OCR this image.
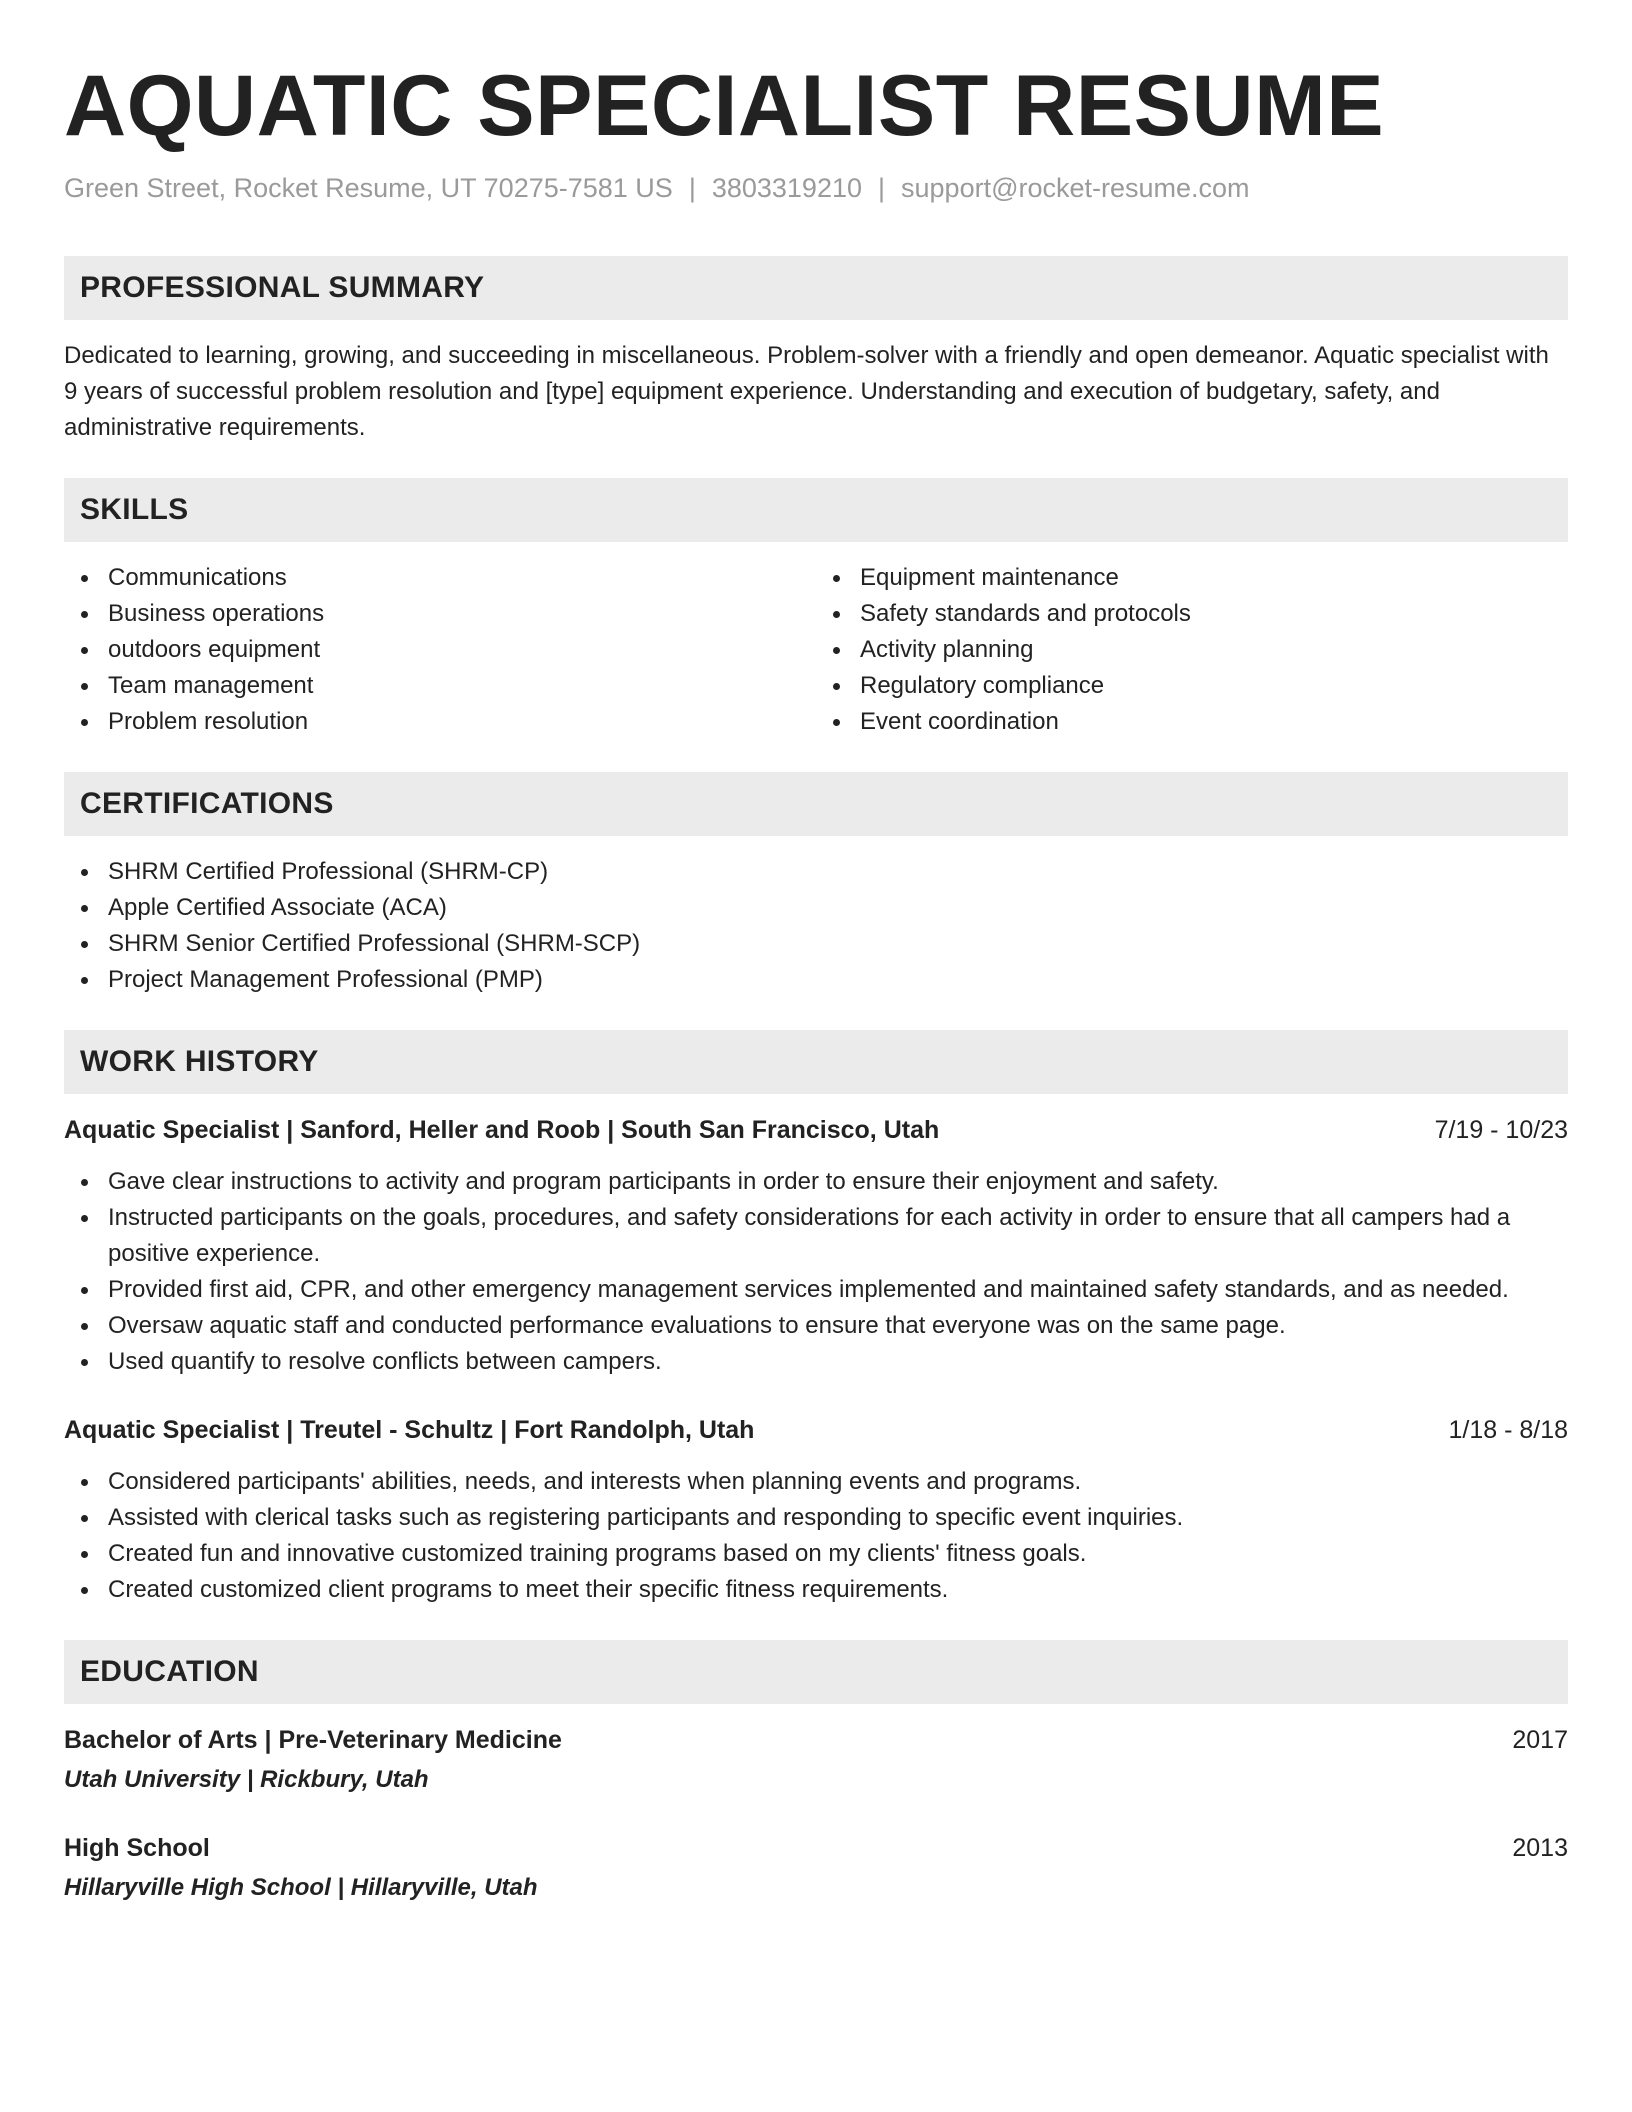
AQUATIC SPECIALIST RESUME
Green Street, Rocket Resume, UT 70275-7581 US | 3803319210 | support@rocket-resume.com
PROFESSIONAL SUMMARY

Dedicated to learning, growing, and succeeding in miscellaneous. Problem-solver with a friendly and open demeanor. Aquatic specialist with 9 years of successful problem resolution and [type] equipment experience. Understanding and execution of budgetary, safety, and administrative requirements.

SKILLS
Communications
Business operations
outdoors equipment
Team management
Problem resolution
Equipment maintenance
Safety standards and protocols
Activity planning
Regulatory compliance
Event coordination
CERTIFICATIONS
SHRM Certified Professional (SHRM-CP)
Apple Certified Associate (ACA)
SHRM Senior Certified Professional (SHRM-SCP)
Project Management Professional (PMP)
WORK HISTORY
Aquatic Specialist | Sanford, Heller and Roob | South San Francisco, Utah	7/19 - 10/23
Gave clear instructions to activity and program participants in order to ensure their enjoyment and safety.
Instructed participants on the goals, procedures, and safety considerations for each activity in order to ensure that all campers had a positive experience.
Provided first aid, CPR, and other emergency management services implemented and maintained safety standards, and as needed.
Oversaw aquatic staff and conducted performance evaluations to ensure that everyone was on the same page.
Used quantify to resolve conflicts between campers.
Aquatic Specialist | Treutel - Schultz | Fort Randolph, Utah	1/18 - 8/18
Considered participants' abilities, needs, and interests when planning events and programs.
Assisted with clerical tasks such as registering participants and responding to specific event inquiries.
Created fun and innovative customized training programs based on my clients' fitness goals.
Created customized client programs to meet their specific fitness requirements.
EDUCATION
Bachelor of Arts | Pre-Veterinary Medicine	2017
Utah University | Rickbury, Utah
High School	2013
Hillaryville High School | Hillaryville, Utah
